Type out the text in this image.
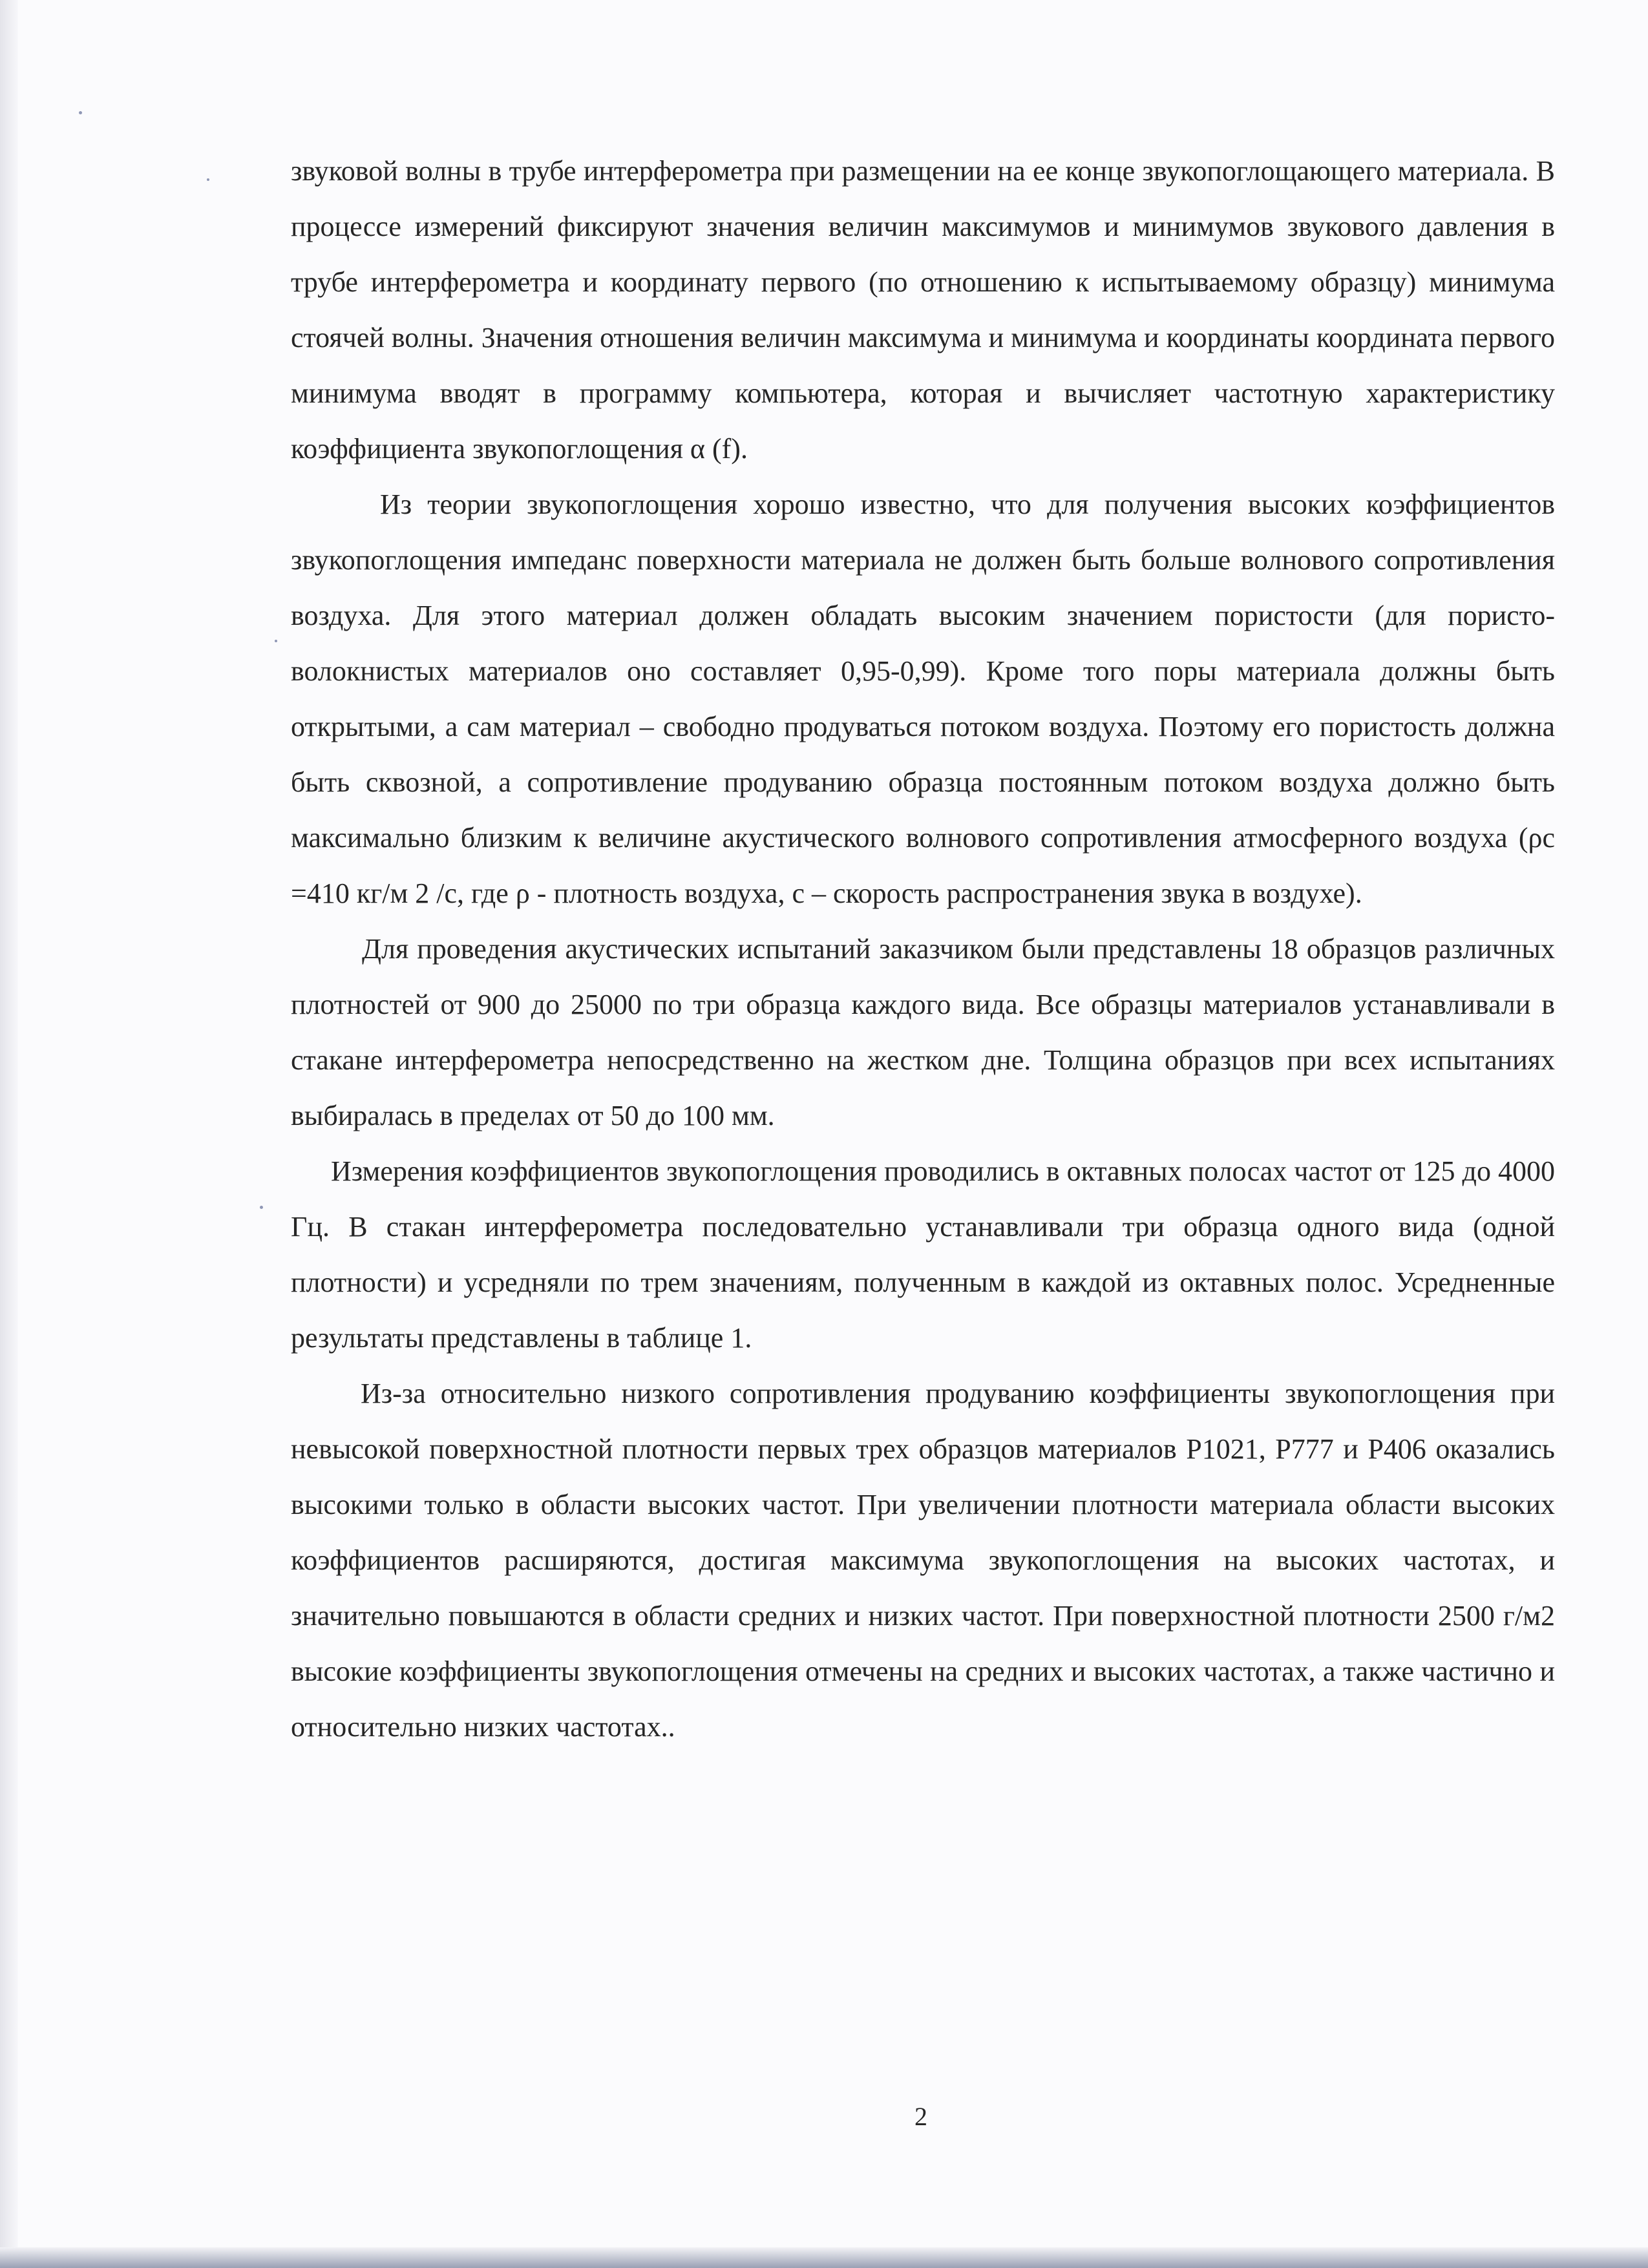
звуковой волны в трубе интерферометра при размещении на ее конце звукопоглощающего материала. В процессе измерений фиксируют значения величин максимумов и минимумов звукового давления в трубе интерферометра и координату первого (по отношению к испытываемому образцу) минимума стоячей волны. Значения отношения величин максимума и минимума и координаты координата первого минимума вводят в программу компьютера, которая и вычисляет частотную характеристику коэффициента звукопоглощения α (f).

Из теории звукопоглощения хорошо известно, что для получения высоких коэффициентов звукопоглощения импеданс поверхности материала не должен быть больше волнового сопротивления воздуха. Для этого материал должен обладать высоким значением пористости (для пористо-волокнистых материалов оно составляет 0,95-0,99). Кроме того поры материала должны быть открытыми, а сам материал – свободно продуваться потоком воздуха. Поэтому его пористость должна быть сквозной, а сопротивление продуванию образца постоянным потоком воздуха должно быть максимально близким к величине акустического волнового сопротивления атмосферного воздуха (ρc =410 кг/м 2 /c, где ρ - плотность воздуха, c – скорость распространения звука в воздухе).

Для проведения акустических испытаний заказчиком были представлены 18 образцов различных плотностей от 900 до 25000 по три образца каждого вида. Все образцы материалов устанавливали в стакане интерферометра непосредственно на жестком дне. Толщина образцов при всех испытаниях выбиралась в пределах от 50 до 100 мм.

Измерения коэффициентов звукопоглощения проводились в октавных полосах частот от 125 до 4000 Гц. В стакан интерферометра последовательно устанавливали три образца одного вида (одной плотности) и усредняли по трем значениям, полученным в каждой из октавных полос. Усредненные результаты представлены в таблице 1.

Из-за относительно низкого сопротивления продуванию коэффициенты звукопоглощения при невысокой поверхностной плотности первых трех образцов материалов P1021, P777 и P406 оказались высокими только в области высоких частот. При увеличении плотности материала области высоких коэффициентов расширяются, достигая максимума звукопоглощения на высоких частотах, и значительно повышаются в области средних и низких частот. При поверхностной плотности 2500 г/м2 высокие коэффициенты звукопоглощения отмечены на средних и высоких частотах, а также частично и относительно низких частотах..

2
